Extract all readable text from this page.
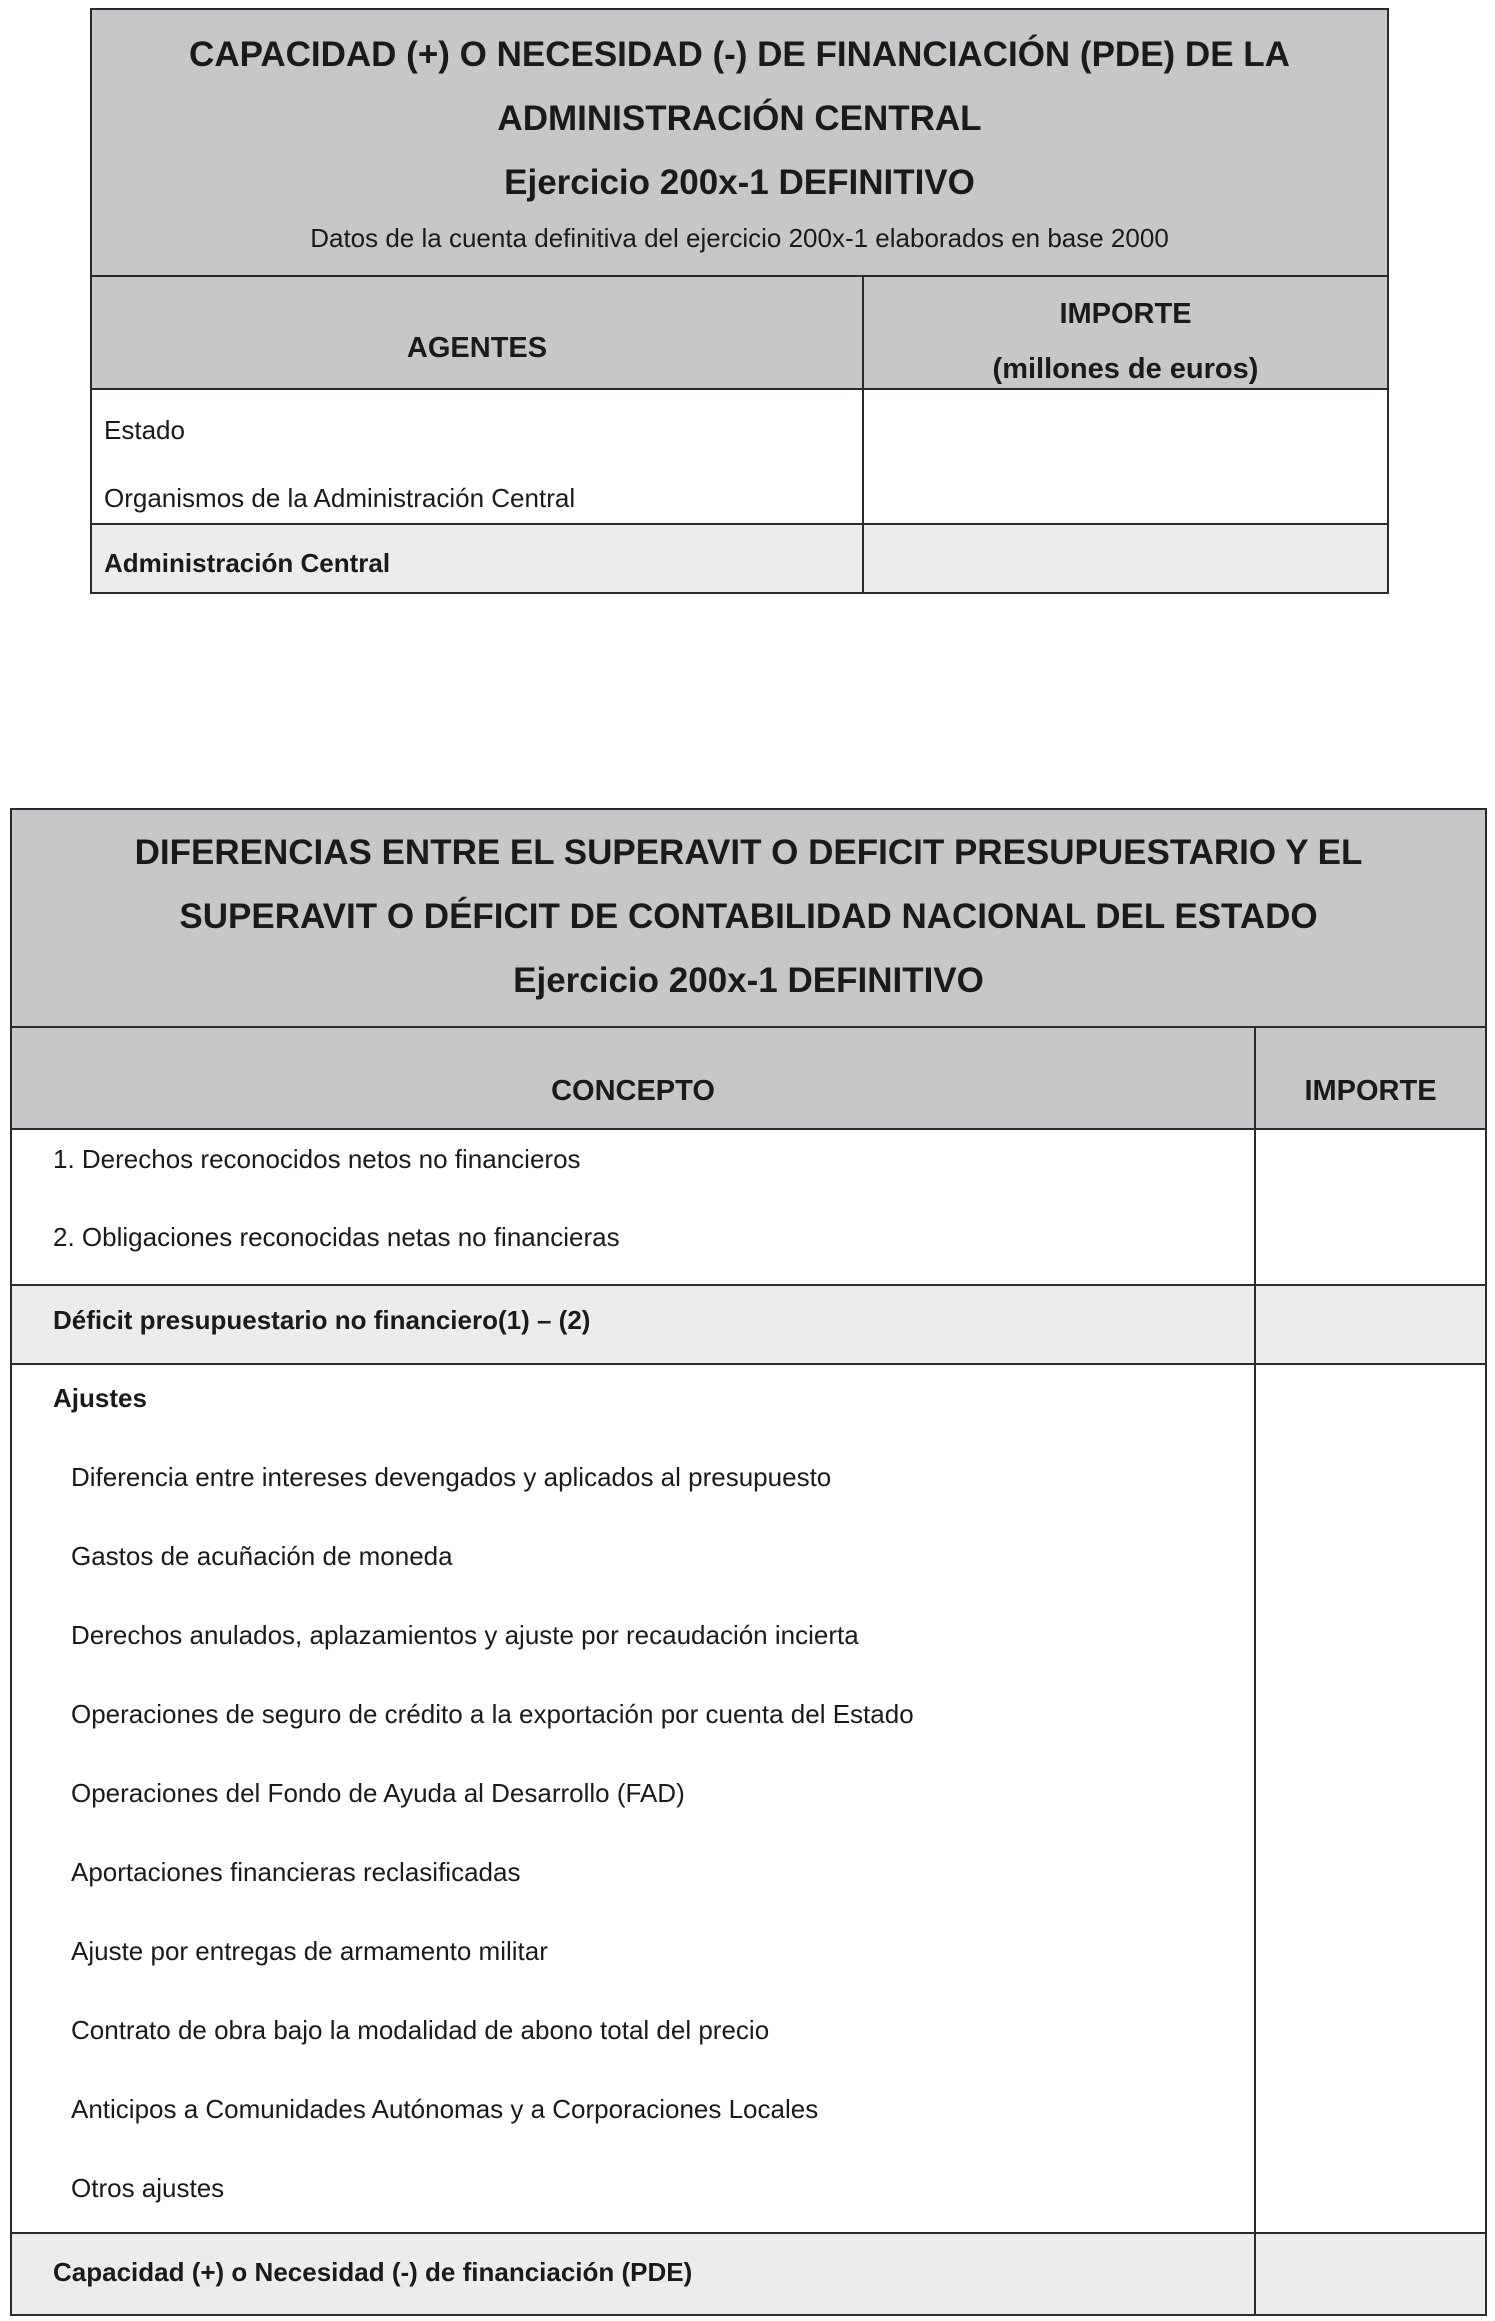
CAPACIDAD (+) O NECESIDAD (-) DE FINANCIACIÓN (PDE) DE LA
ADMINISTRACIÓN CENTRAL
Ejercicio 200x-1 DEFINITIVO
Datos de la cuenta definitiva del ejercicio 200x-1 elaborados en base 2000
AGENTES
IMPORTE
(millones de euros)
Estado
Organismos de la Administración Central
Administración Central
DIFERENCIAS ENTRE EL SUPERAVIT O DEFICIT PRESUPUESTARIO Y EL
SUPERAVIT O DÉFICIT DE CONTABILIDAD NACIONAL DEL ESTADO
Ejercicio 200x-1 DEFINITIVO
CONCEPTO	IMPORTE
1. Derechos reconocidos netos no financieros
2. Obligaciones reconocidas netas no financieras
Déficit presupuestario no financiero(1) – (2)
Ajustes
Diferencia entre intereses devengados y aplicados al presupuesto
Gastos de acuñación de moneda
Derechos anulados, aplazamientos y ajuste por recaudación incierta
Operaciones de seguro de crédito a la exportación por cuenta del Estado
Operaciones del Fondo de Ayuda al Desarrollo (FAD)
Aportaciones financieras reclasificadas
Ajuste por entregas de armamento militar
Contrato de obra bajo la modalidad de abono total del precio
Anticipos a Comunidades Autónomas y a Corporaciones Locales
Otros ajustes
Capacidad (+) o Necesidad (-) de financiación (PDE)
